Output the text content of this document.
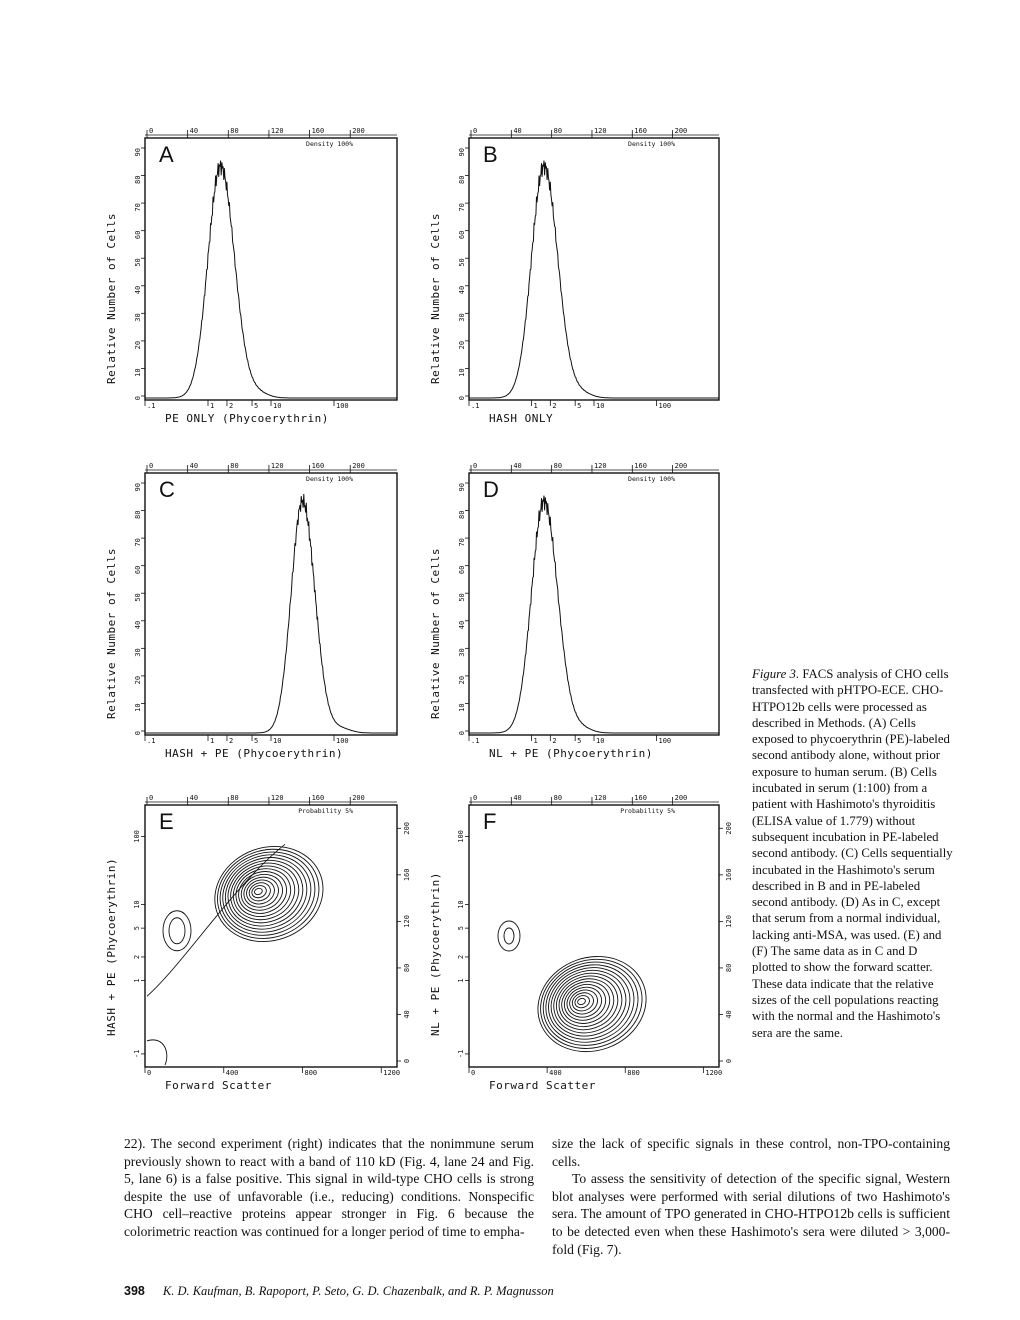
0	40	80	120	160	200
0
10
20
30
40
50
60
70
80
90
.1	1 2	5 10	100
Density 100%
Relative Number of Cells
A
PE ONLY (Phycoerythrin)
0	40	80	120	160	200
0
10
20
30
40
50
60
70
80
90
.1	1 2	5 10	100
Density 100%
Relative Number of Cells
B
HASH ONLY
0	40	80	120	160	200
0
10
20
30
40
50
60
70
80
90
.1	1 2	5 10	100
Density 100%
Relative Number of Cells
C
HASH + PE (Phycoerythrin)
0	40	80	120	160	200
0
10
20
30
40
50
60
70
80
90
.1	1 2	5 10	100
Density 100%
Relative Number of Cells
D
NL + PE (Phycoerythrin)
0	40	80	120	160	200
0	400	800	1200
0
40
80
120
160
200
-1
1
2
5
10
100
Probability 5%
HASH + PE (Phycoerythrin)
E
Forward Scatter
0	40	80	120	160	200
0	400	800	1200
0
40
80
120
160
200
-1
1
2
5
10
100
Probability 5%
NL + PE (Phycoerythrin)
F
Forward Scatter
Figure 3. FACS analysis of CHO cells transfected with pHTPO-ECE. CHO-HTPO12b cells were processed as described in Methods. (A) Cells exposed to phycoerythrin (PE)-labeled second antibody alone, without prior exposure to human serum. (B) Cells incubated in serum (1:100) from a patient with Hashimoto's thyroiditis (ELISA value of 1.779) without subsequent incubation in PE-labeled second antibody. (C) Cells sequentially incubated in the Hashimoto's serum described in B and in PE-labeled second antibody. (D) As in C, except that serum from a normal individual, lacking anti-MSA, was used. (E) and (F) The same data as in C and D plotted to show the forward scatter. These data indicate that the relative sizes of the cell populations reacting with the normal and the Hashimoto's sera are the same.

22). The second experiment (right) indicates that the nonimmune serum previously shown to react with a band of 110 kD (Fig. 4, lane 24 and Fig. 5, lane 6) is a false positive. This signal in wild-type CHO cells is strong despite the use of unfavorable (i.e., reducing) conditions. Nonspecific CHO cell–reactive proteins appear stronger in Fig. 6 because the colorimetric reaction was continued for a longer period of time to empha-

size the lack of specific signals in these control, non-TPO-containing cells.

To assess the sensitivity of detection of the specific signal, Western blot analyses were performed with serial dilutions of two Hashimoto's sera. The amount of TPO generated in CHO-HTPO12b cells is sufficient to be detected even when these Hashimoto's sera were diluted > 3,000-fold (Fig. 7).

398 K. D. Kaufman, B. Rapoport, P. Seto, G. D. Chazenbalk, and R. P. Magnusson
